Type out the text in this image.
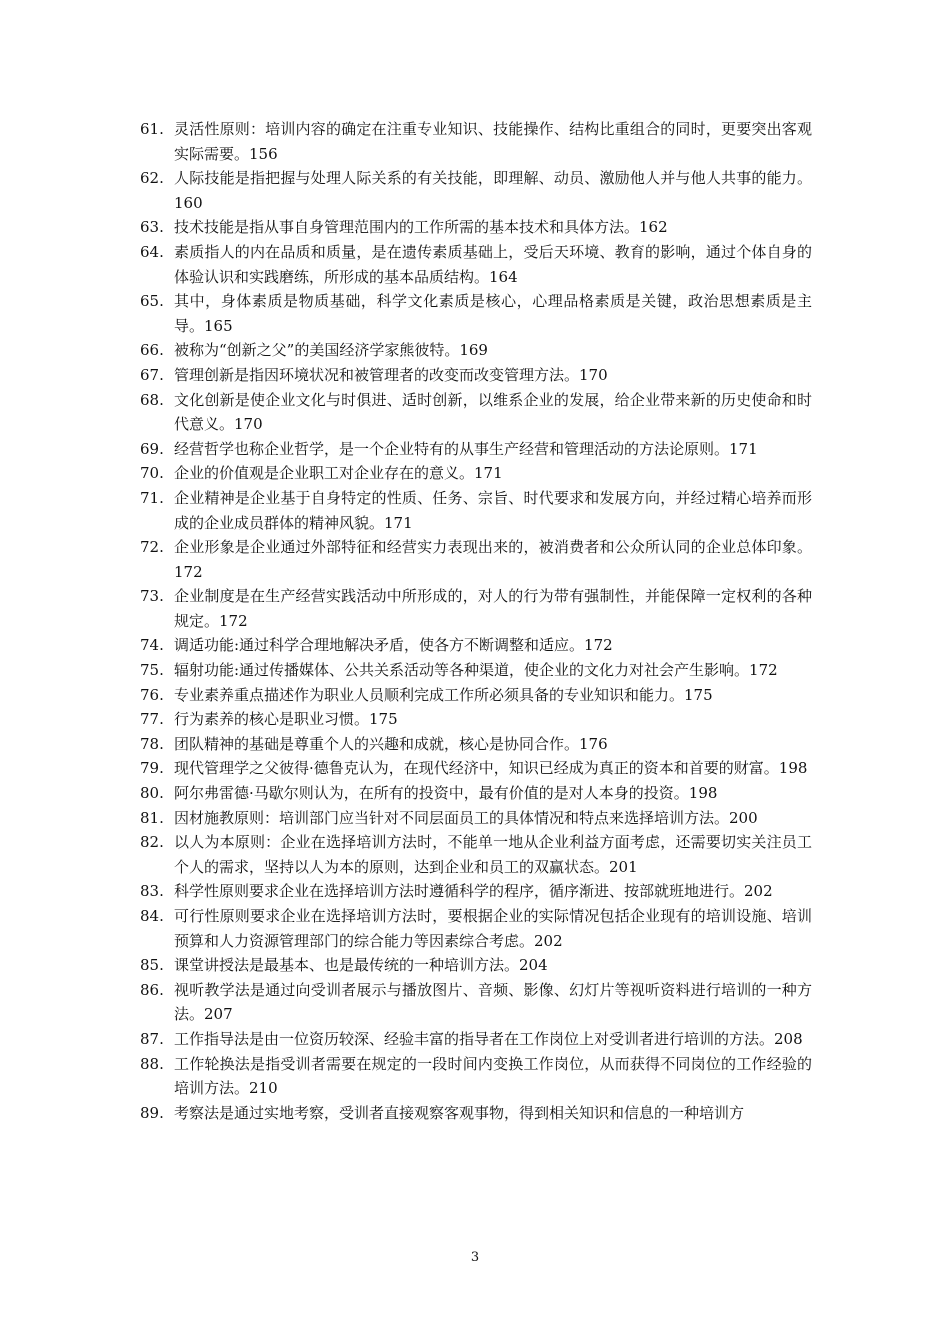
61. 灵活性原则：培训内容的确定在注重专业知识、技能操作、结构比重组合的同时，更要突出客观实际需要。156
62. 人际技能是指把握与处理人际关系的有关技能，即理解、动员、激励他人并与他人共事的能力。160
63. 技术技能是指从事自身管理范围内的工作所需的基本技术和具体方法。162
64. 素质指人的内在品质和质量，是在遗传素质基础上，受后天环境、教育的影响，通过个体自身的体验认识和实践磨练，所形成的基本品质结构。164
65. 其中，身体素质是物质基础，科学文化素质是核心，心理品格素质是关键，政治思想素质是主导。165
66. 被称为“创新之父”的美国经济学家熊彼特。169
67. 管理创新是指因环境状况和被管理者的改变而改变管理方法。170
68. 文化创新是使企业文化与时俱进、适时创新，以维系企业的发展，给企业带来新的历史使命和时代意义。170
69. 经营哲学也称企业哲学，是一个企业特有的从事生产经营和管理活动的方法论原则。171
70. 企业的价值观是企业职工对企业存在的意义。171
71. 企业精神是企业基于自身特定的性质、任务、宗旨、时代要求和发展方向，并经过精心培养而形成的企业成员群体的精神风貌。171
72. 企业形象是企业通过外部特征和经营实力表现出来的，被消费者和公众所认同的企业总体印象。172
73. 企业制度是在生产经营实践活动中所形成的，对人的行为带有强制性，并能保障一定权利的各种规定。172
74. 调适功能:通过科学合理地解决矛盾，使各方不断调整和适应。172
75. 辐射功能:通过传播媒体、公共关系活动等各种渠道，使企业的文化力对社会产生影响。172
76. 专业素养重点描述作为职业人员顺利完成工作所必须具备的专业知识和能力。175
77. 行为素养的核心是职业习惯。175
78. 团队精神的基础是尊重个人的兴趣和成就，核心是协同合作。176
79. 现代管理学之父彼得·德鲁克认为，在现代经济中，知识已经成为真正的资本和首要的财富。198
80. 阿尔弗雷德·马歇尔则认为，在所有的投资中，最有价值的是对人本身的投资。198
81. 因材施教原则：培训部门应当针对不同层面员工的具体情况和特点来选择培训方法。200
82. 以人为本原则：企业在选择培训方法时，不能单一地从企业利益方面考虑，还需要切实关注员工个人的需求，坚持以人为本的原则，达到企业和员工的双赢状态。201
83. 科学性原则要求企业在选择培训方法时遵循科学的程序，循序渐进、按部就班地进行。202
84. 可行性原则要求企业在选择培训方法时，要根据企业的实际情况包括企业现有的培训设施、培训预算和人力资源管理部门的综合能力等因素综合考虑。202
85. 课堂讲授法是最基本、也是最传统的一种培训方法。204
86. 视听教学法是通过向受训者展示与播放图片、音频、影像、幻灯片等视听资料进行培训的一种方法。207
87. 工作指导法是由一位资历较深、经验丰富的指导者在工作岗位上对受训者进行培训的方法。208
88. 工作轮换法是指受训者需要在规定的一段时间内变换工作岗位，从而获得不同岗位的工作经验的培训方法。210
89. 考察法是通过实地考察，受训者直接观察客观事物，得到相关知识和信息的一种培训方
3
